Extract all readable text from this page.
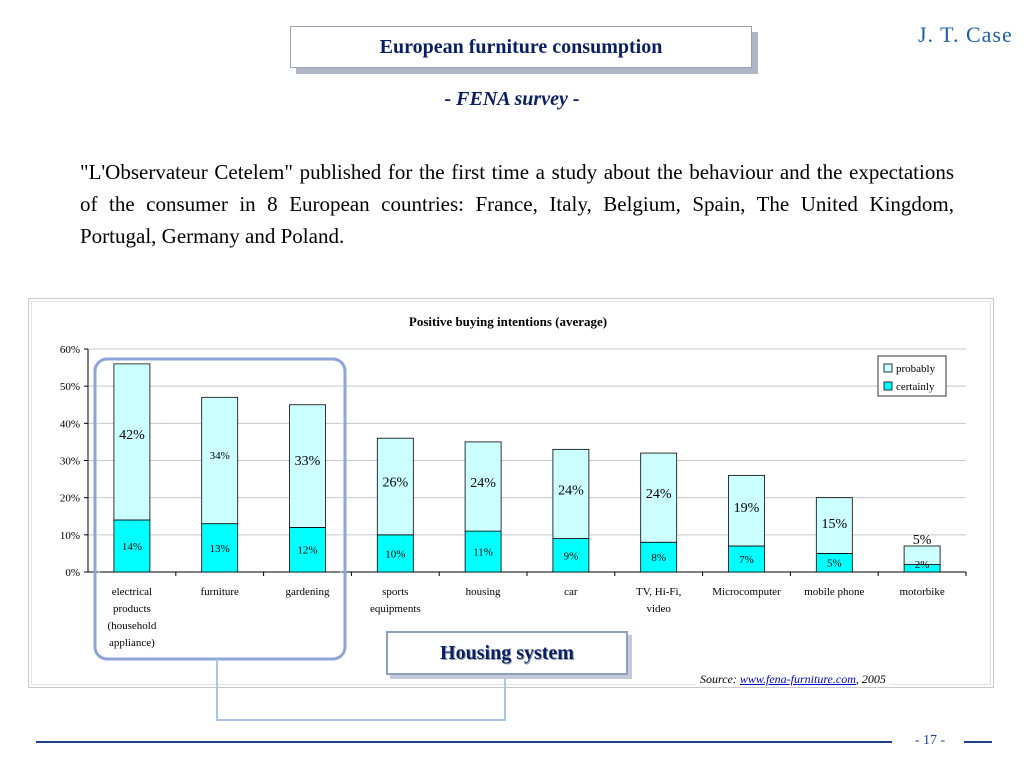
European furniture consumption
- FENA survey -
J. T. Case
"L'Observateur Cetelem" published for the first time a study about the behaviour and the expectations of the consumer in 8 European countries: France, Italy, Belgium, Spain, The United Kingdom, Portugal, Germany and Poland.
Positive buying intentions (average)
0%
10%
20%
30%
40%
50%
60%
14%
42%
electrical
products
(household
appliance)
13%
34%
furniture
12%
33%
gardening
10%
26%
sports
equipments
11%
24%
housing
9%
24%
car
8%
24%
TV, Hi-Fi,
video
7%
19%
Microcomputer
5%
15%
mobile phone
2%
5%
motorbike
probably
certainly
Housing system
Source: www.fena-furniture.com, 2005
- 17 -
